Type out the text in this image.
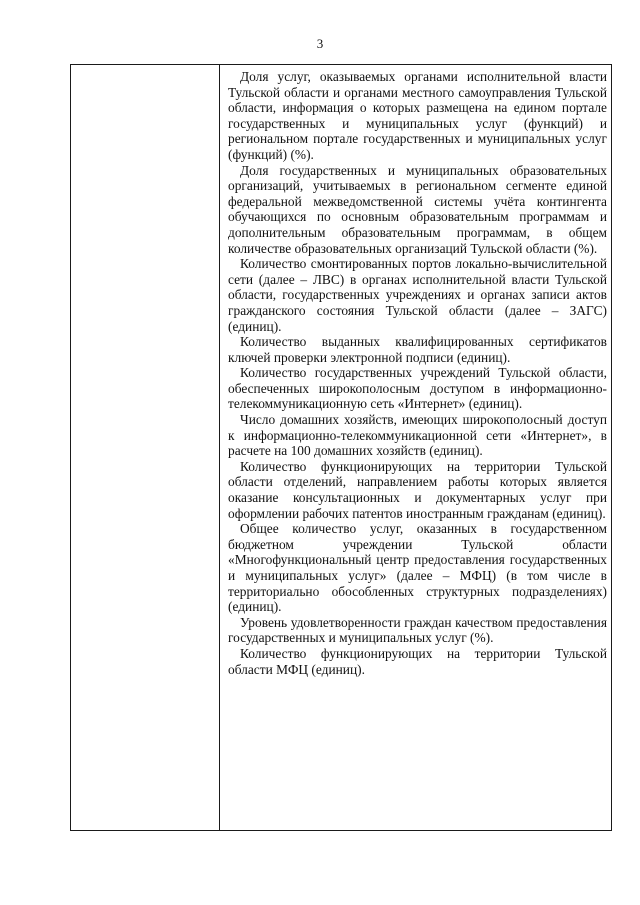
3

Доля услуг, оказываемых органами исполнительной власти Тульской области и органами местного самоуправления Тульской области, информация о которых размещена на едином портале государственных и муниципальных услуг (функций) и региональном портале государственных и муниципальных услуг (функций) (%).

Доля государственных и муниципальных образовательных организаций, учитываемых в региональном сегменте единой федеральной межведомственной системы учёта контингента обучающихся по основным образовательным программам и дополнительным образовательным программам, в общем количестве образовательных организаций Тульской области (%).

Количество смонтированных портов локально-вычислительной сети (далее – ЛВС) в органах исполнительной власти Тульской области, государственных учреждениях и органах записи актов гражданского состояния Тульской области (далее – ЗАГС) (единиц).

Количество выданных квалифицированных сертификатов ключей проверки электронной подписи (единиц).

Количество государственных учреждений Тульской области, обеспеченных широкополосным доступом в информационно-телекоммуникационную сеть «Интернет» (единиц).

Число домашних хозяйств, имеющих широкополосный доступ к информационно-телекоммуникационной сети «Интернет», в расчете на 100 домашних хозяйств (единиц).

Количество функционирующих на территории Тульской области отделений, направлением работы которых является оказание консультационных и документарных услуг при оформлении рабочих патентов иностранным гражданам (единиц).

Общее количество услуг, оказанных в государственном бюджетном учреждении Тульской области «Многофункциональный центр предоставления государственных и муниципальных услуг» (далее – МФЦ) (в том числе в территориально обособленных структурных подразделениях) (единиц).

Уровень удовлетворенности граждан качеством предоставления государственных и муниципальных услуг (%).

Количество функционирующих на территории Тульской области МФЦ (единиц).
